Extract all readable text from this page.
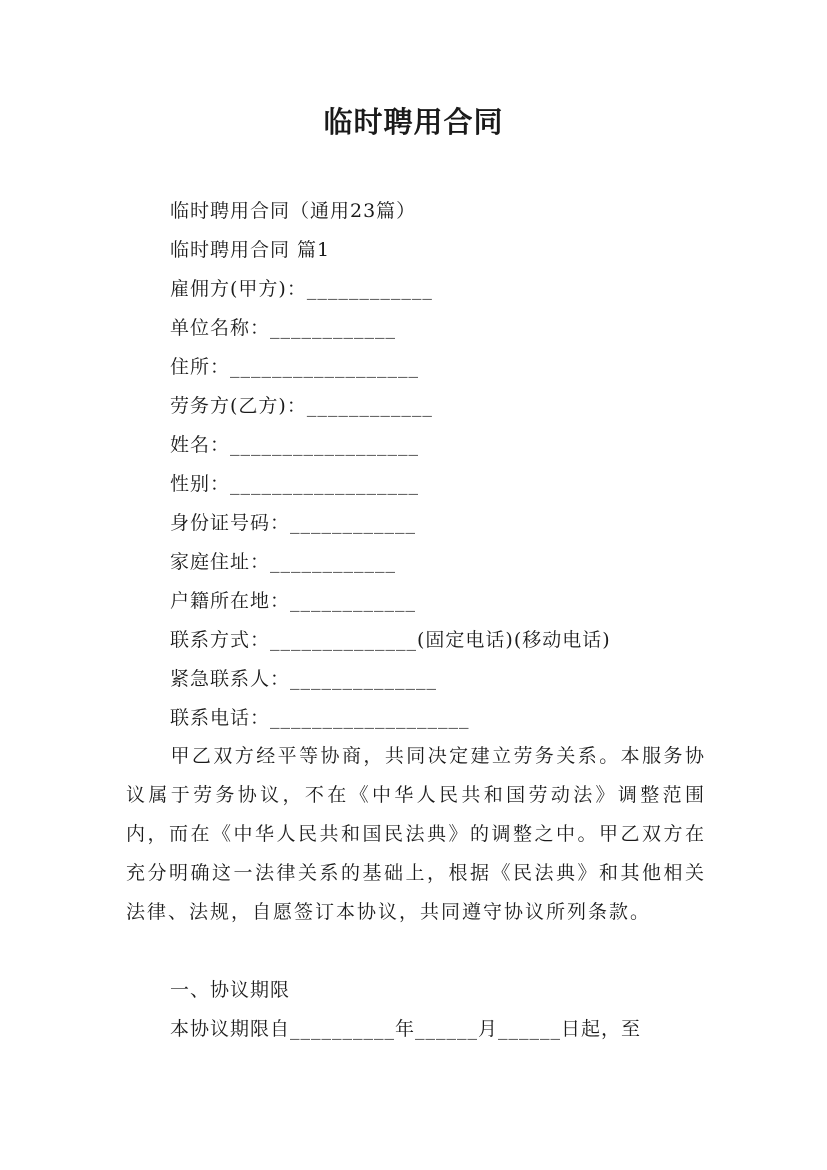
临时聘用合同
临时聘用合同（通用23篇）
临时聘用合同 篇1
雇佣方(甲方)：____________
单位名称：____________
住所：__________________
劳务方(乙方)：____________
姓名：__________________
性别：__________________
身份证号码：____________
家庭住址：____________
户籍所在地：____________
联系方式：______________(固定电话)(移动电话)
紧急联系人：______________
联系电话：___________________
甲乙双方经平等协商，共同决定建立劳务关系。本服务协议属于劳务协议，不在《中华人民共和国劳动法》调整范围内，而在《中华人民共和国民法典》的调整之中。甲乙双方在充分明确这一法律关系的基础上，根据《民法典》和其他相关法律、法规，自愿签订本协议，共同遵守协议所列条款。
一、协议期限
本协议期限自__________年______月______日起，至
